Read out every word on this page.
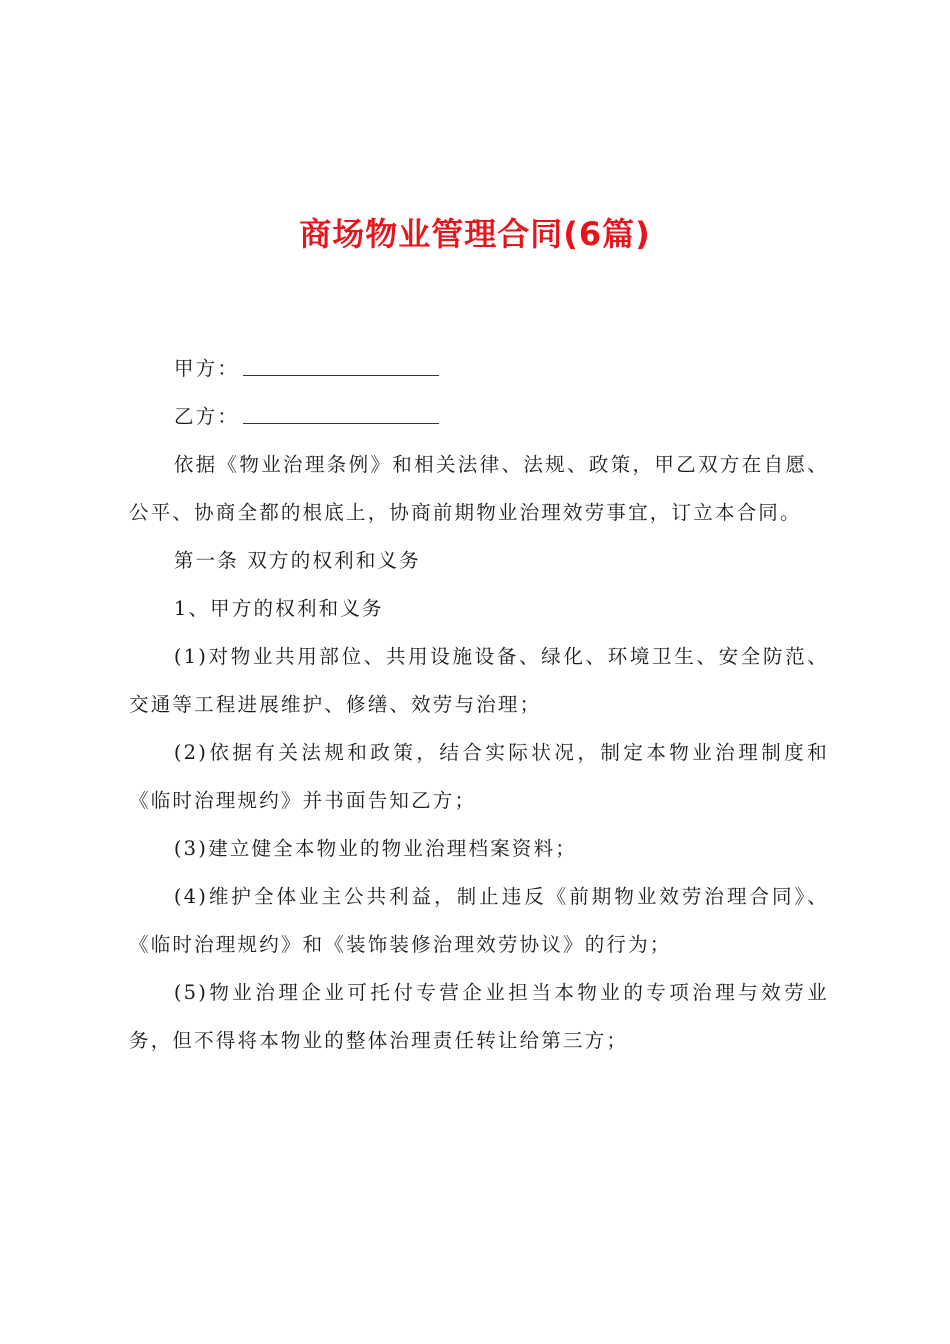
商场物业管理合同(6篇)
甲方：
乙方：

依据《物业治理条例》和相关法律、法规、政策，甲乙双方在自愿、公平、协商全都的根底上，协商前期物业治理效劳事宜，订立本合同。

第一条 双方的权利和义务

1、甲方的权利和义务

(1)对物业共用部位、共用设施设备、绿化、环境卫生、安全防范、交通等工程进展维护、修缮、效劳与治理；

(2)依据有关法规和政策，结合实际状况，制定本物业治理制度和《临时治理规约》并书面告知乙方；

(3)建立健全本物业的物业治理档案资料；

(4)维护全体业主公共利益，制止违反《前期物业效劳治理合同》、《临时治理规约》和《装饰装修治理效劳协议》的行为；

(5)物业治理企业可托付专营企业担当本物业的专项治理与效劳业务，但不得将本物业的整体治理责任转让给第三方；
